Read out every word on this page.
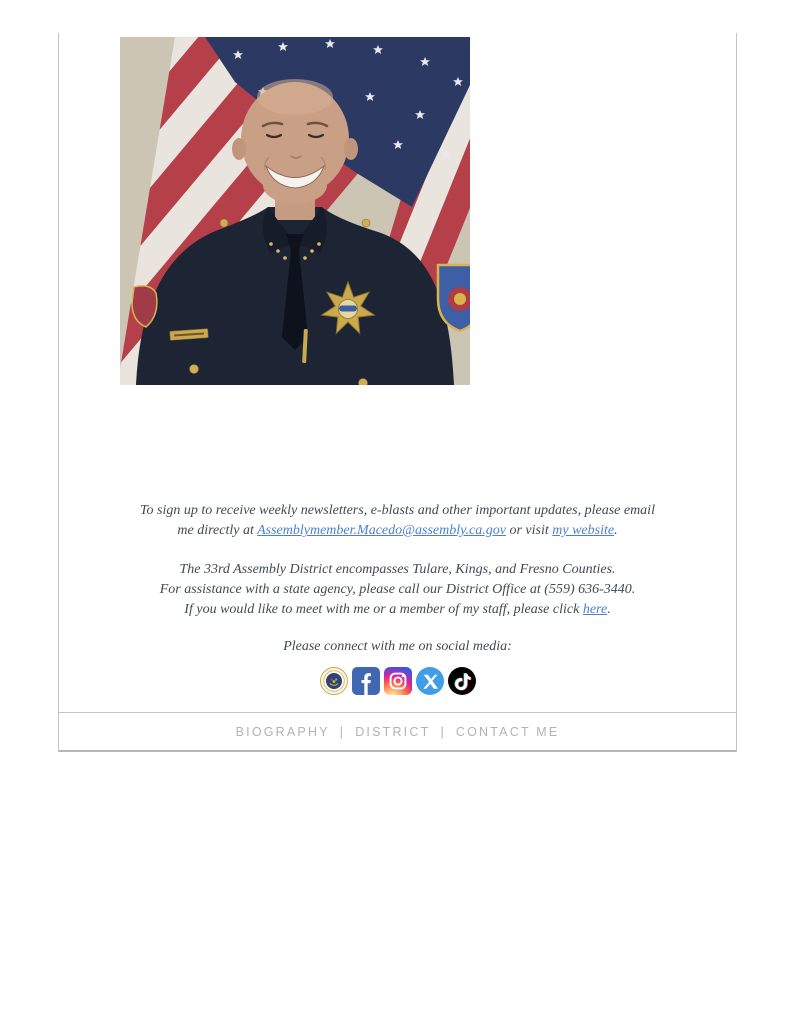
To sign up to receive weekly newsletters, e-blasts and other important updates, please email
me directly at Assemblymember.Macedo@assembly.ca.gov or visit my website.

The 33rd Assembly District encompasses Tulare, Kings, and Fresno Counties.
For assistance with a state agency, please call our District Office at (559) 636-3440.
If you would like to meet with me or a member of my staff, please click here.

Please connect with me on social media:

BIOGRAPHY | DISTRICT | CONTACT ME
